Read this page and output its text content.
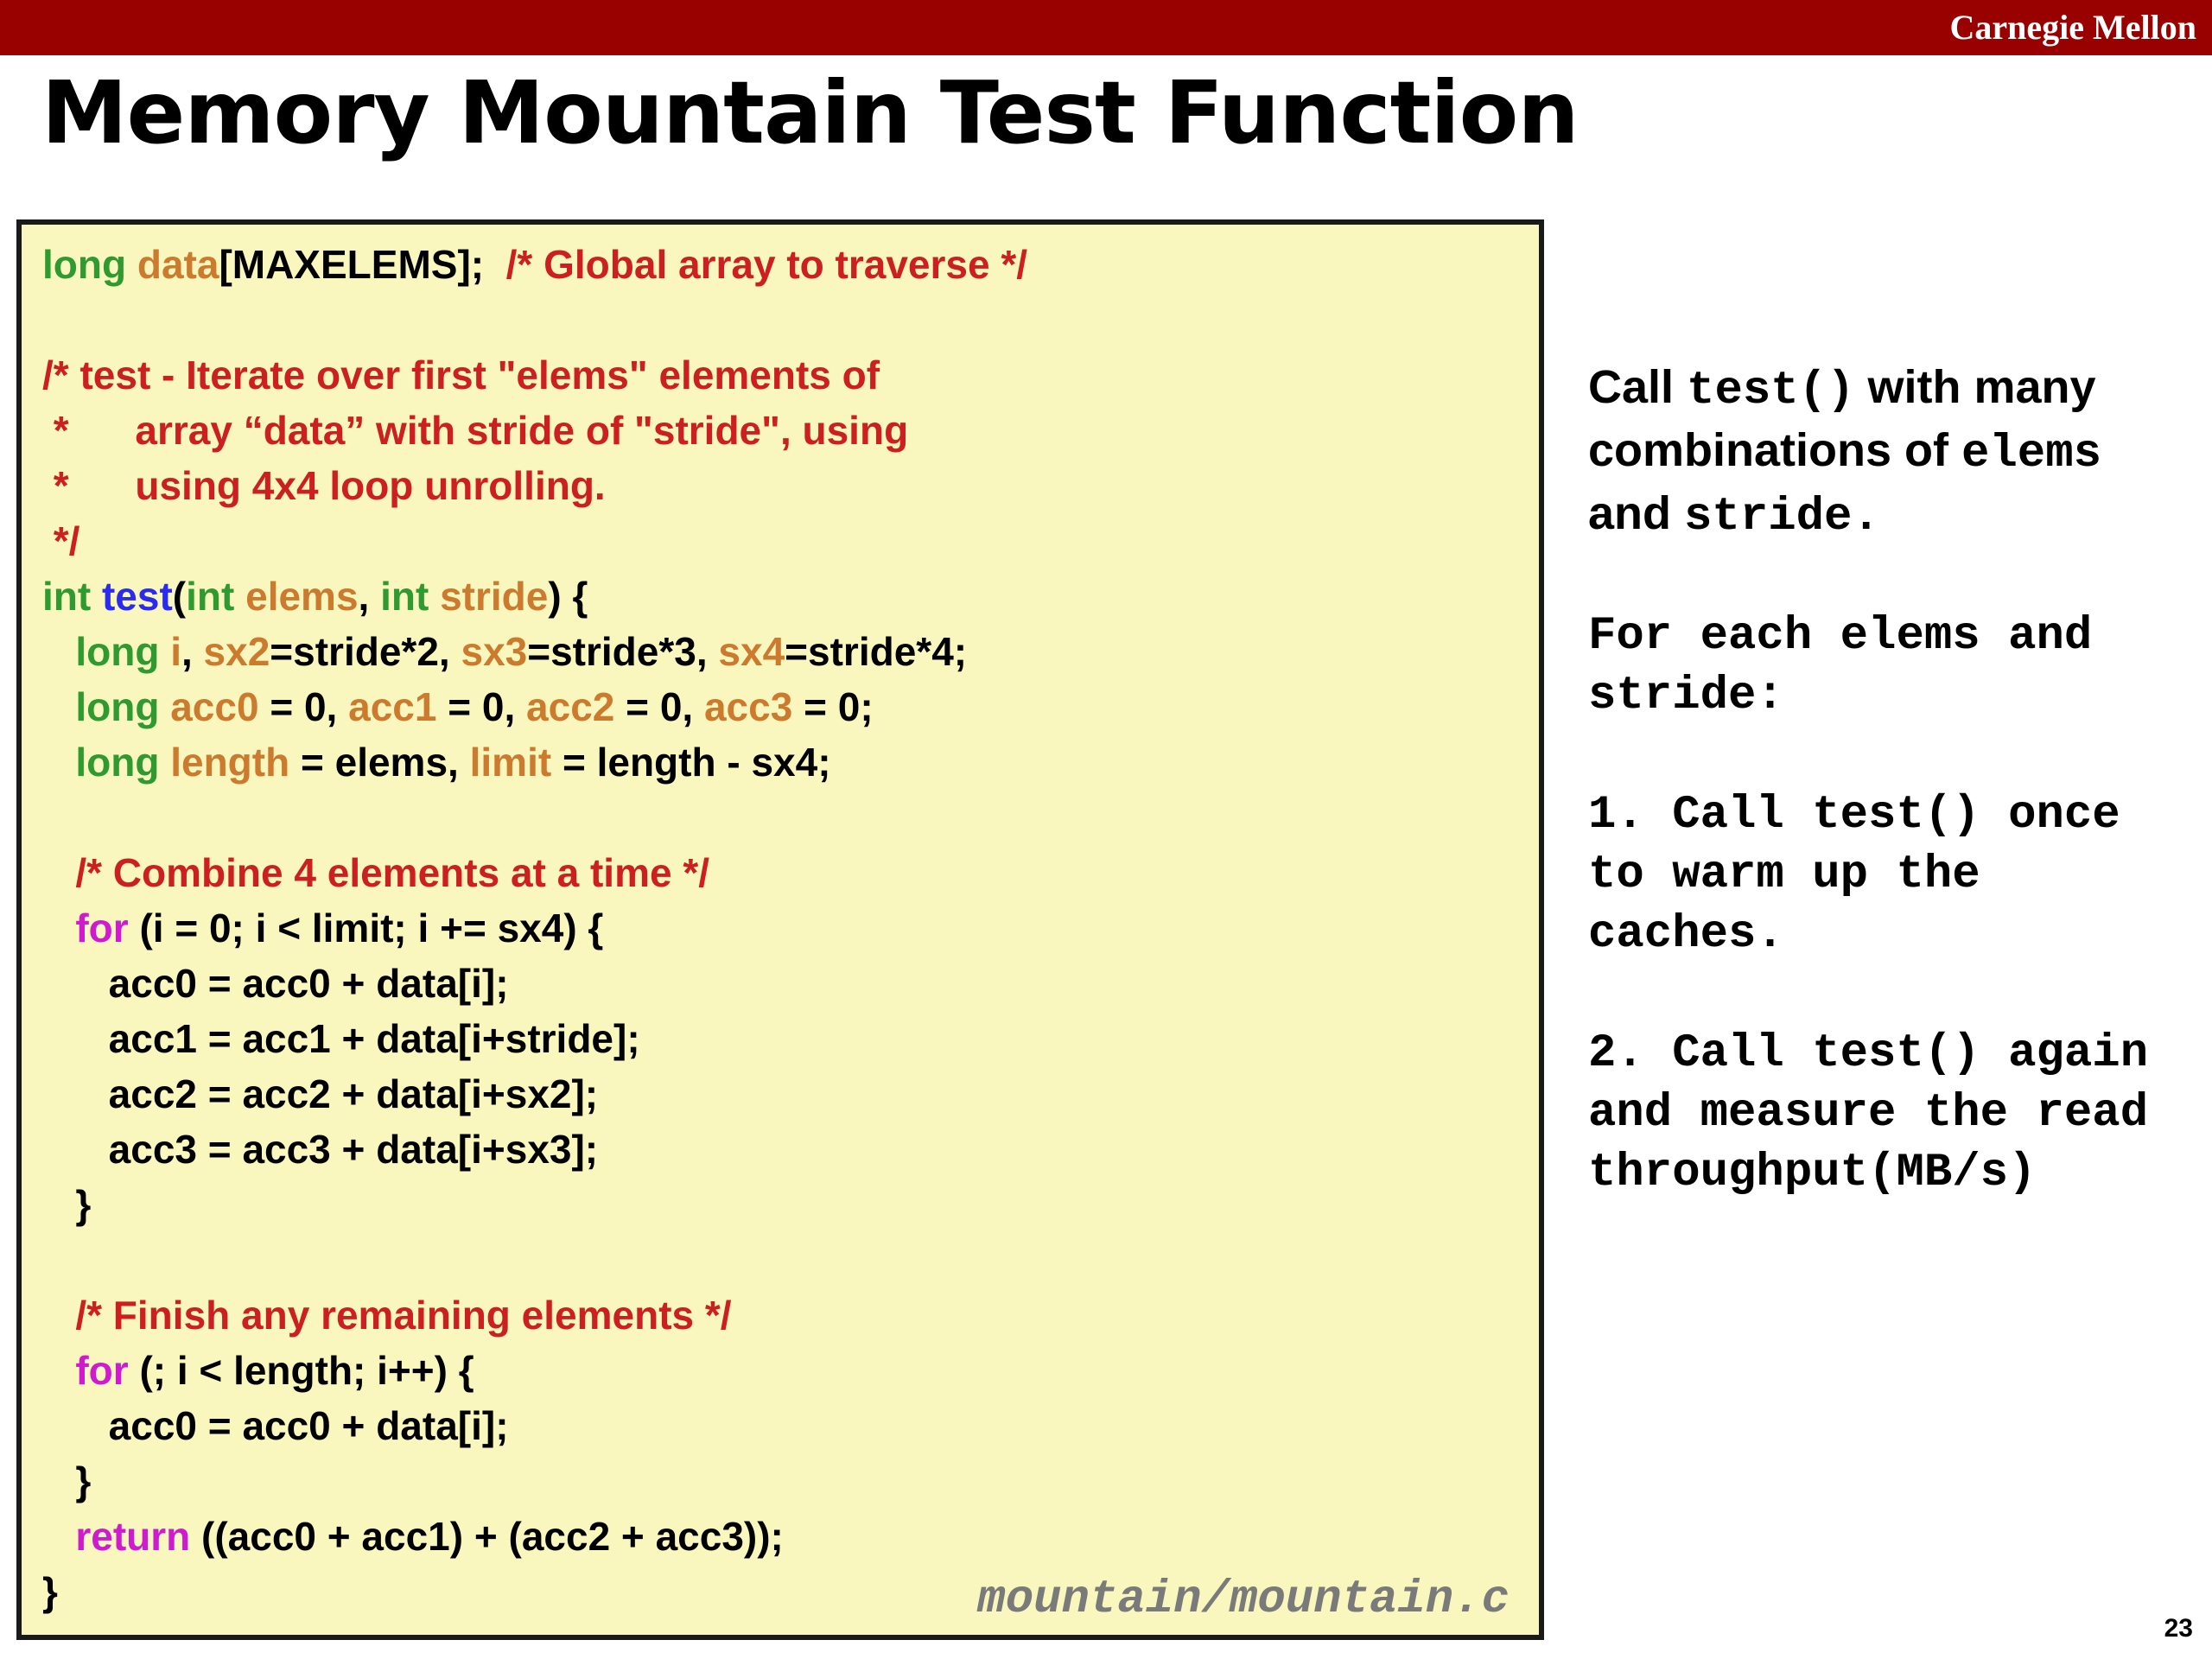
Carnegie Mellon
Memory Mountain Test Function
long data[MAXELEMS];  /* Global array to traverse */

/* test - Iterate over first "elems" elements of
*      array “data” with stride of "stride", using
*      using 4x4 loop unrolling.
*/
int test(int elems, int stride) {
long i, sx2=stride*2, sx3=stride*3, sx4=stride*4;
long acc0 = 0, acc1 = 0, acc2 = 0, acc3 = 0;
long length = elems, limit = length - sx4;

/* Combine 4 elements at a time */
for (i = 0; i < limit; i += sx4) {
acc0 = acc0 + data[i];
acc1 = acc1 + data[i+stride];
acc2 = acc2 + data[i+sx2];
acc3 = acc3 + data[i+sx3];
}

/* Finish any remaining elements */
for (; i < length; i++) {
acc0 = acc0 + data[i];
}
return ((acc0 + acc1) + (acc2 + acc3));
}	mountain/mountain.c

Call test() with many combinations of elems and stride.

For each elems and stride:

1. Call test() once to warm up the caches.

2. Call test() again and measure the read throughput(MB/s)

23
